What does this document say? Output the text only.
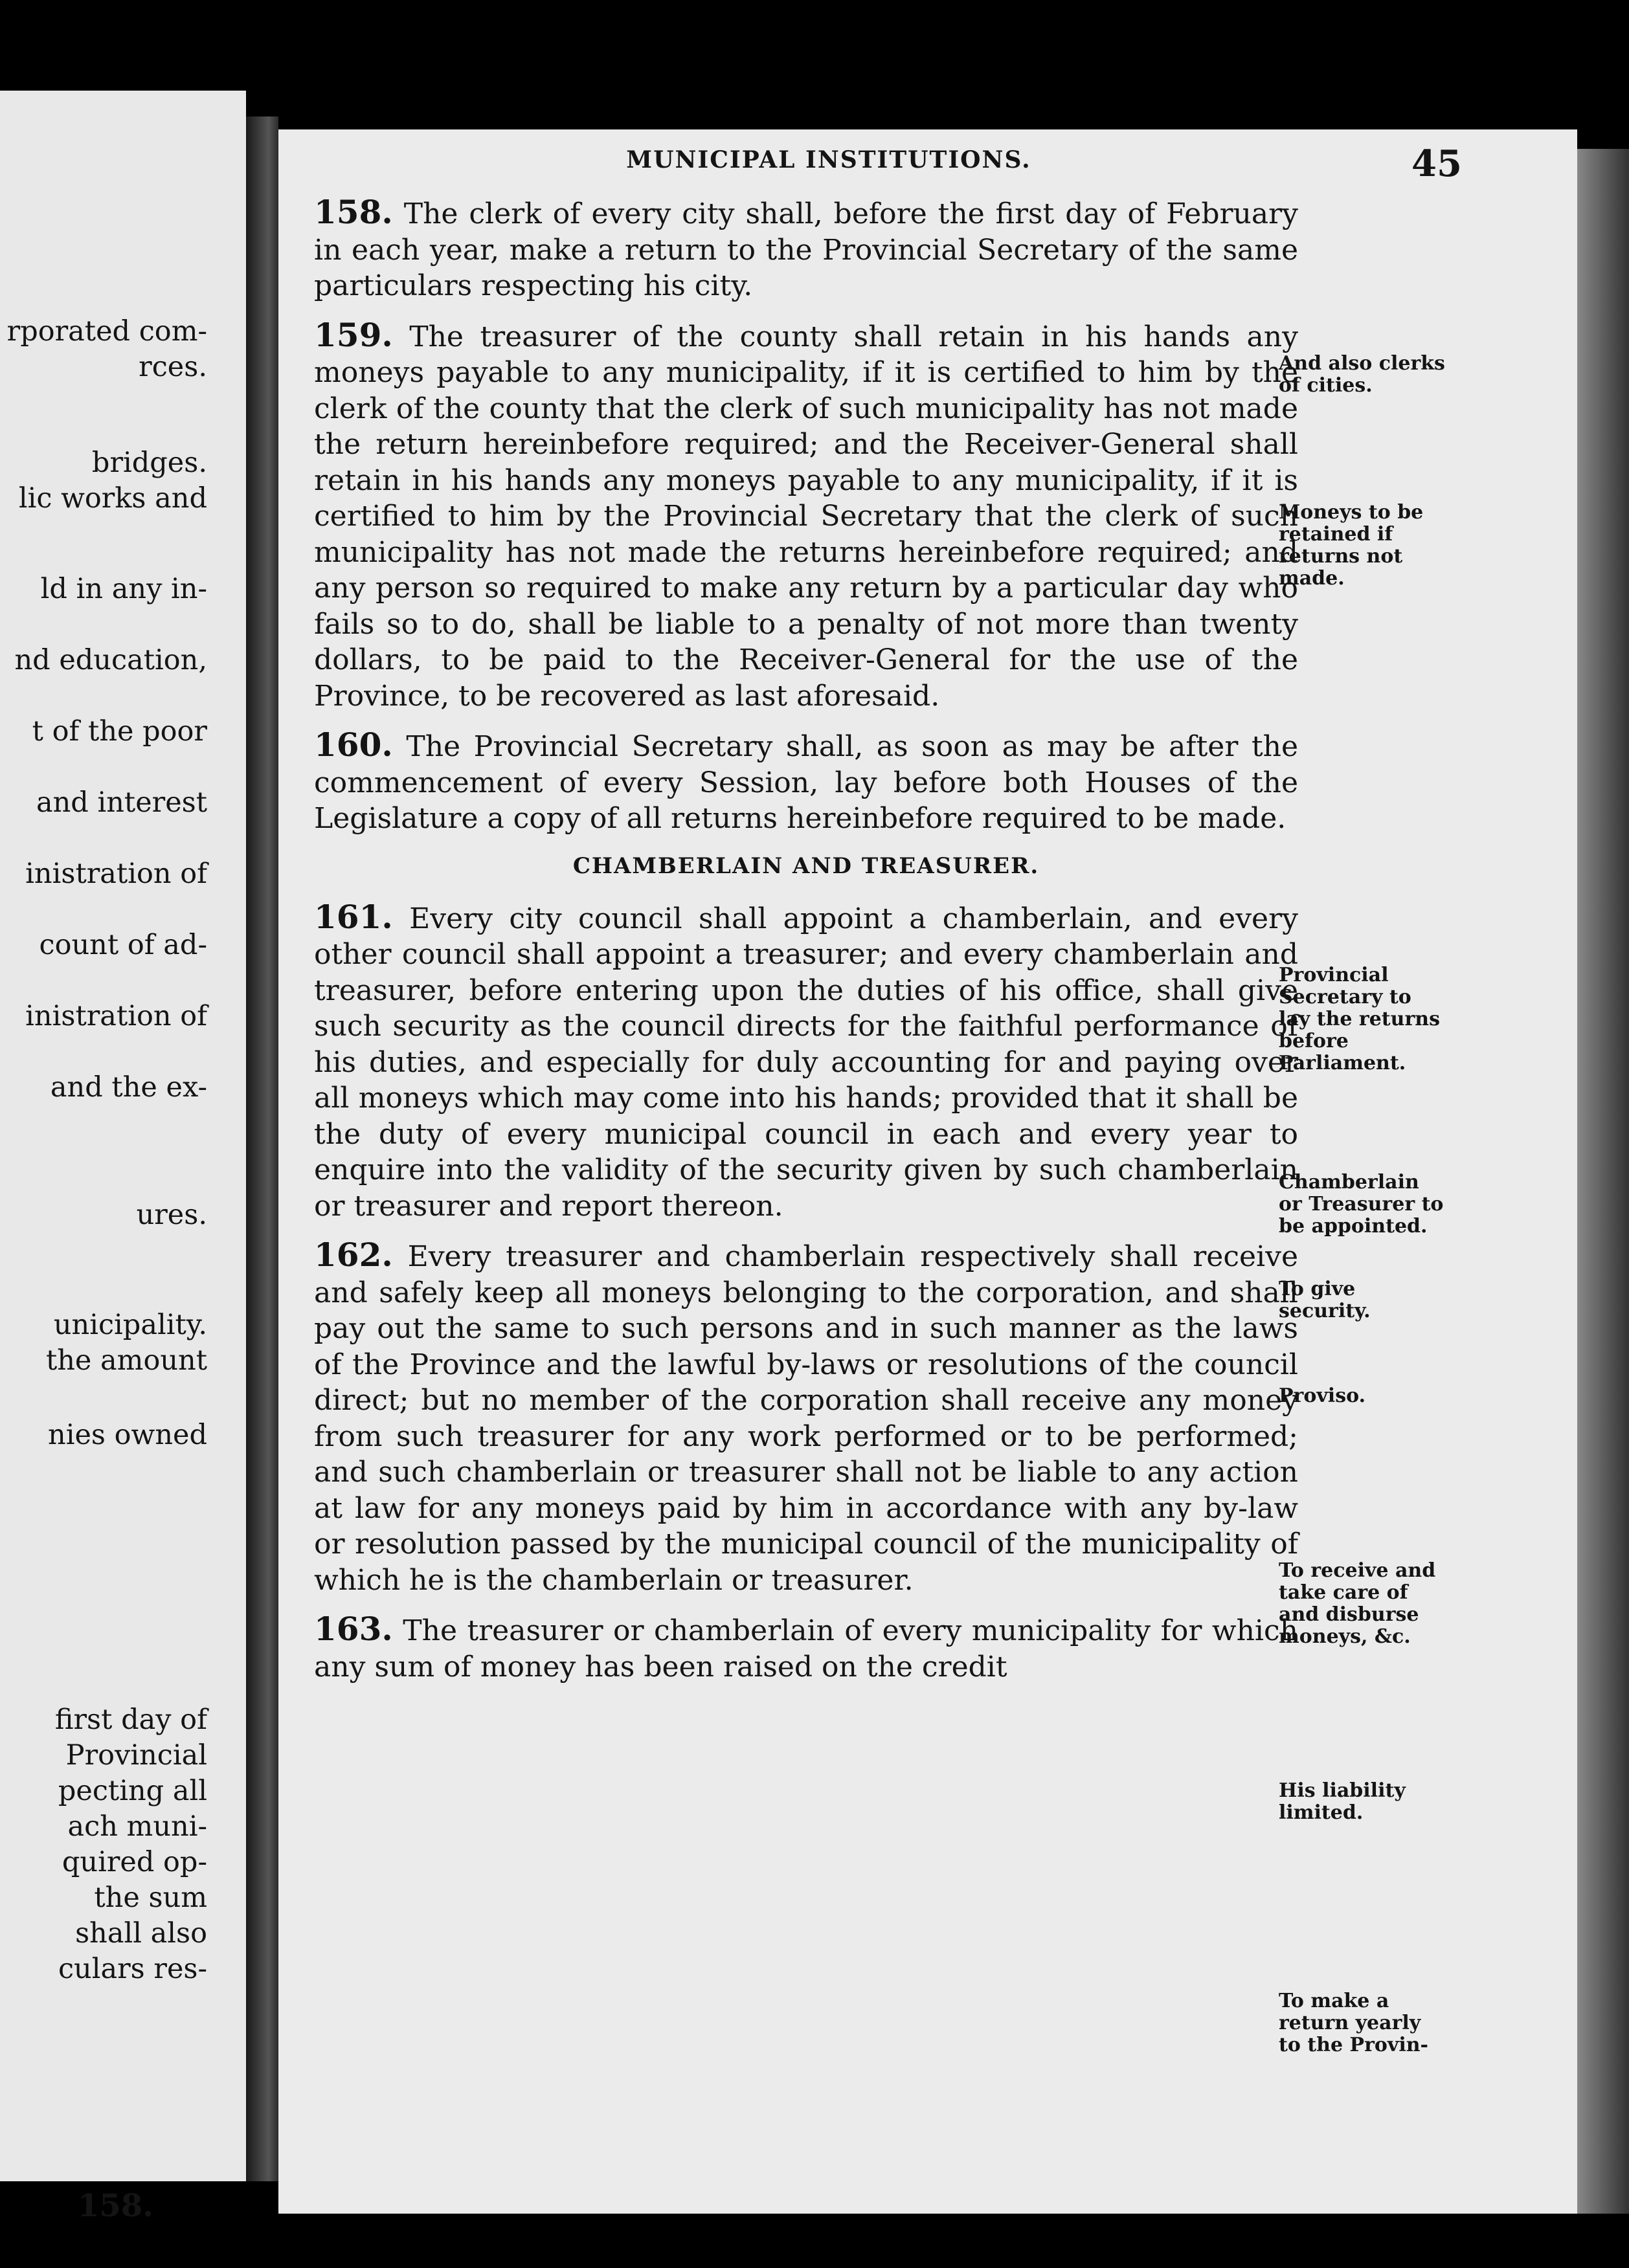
rporated com-
rces.
bridges.
lic works and
ld in any in-
nd education,
t of the poor
and interest
inistration of
count of ad-
inistration of
and the ex-
ures.
unicipality.
the amount
nies owned
first day of
Provincial
pecting all
ach muni-
quired op-
the sum
shall also
culars res-
158.
MUNICIPAL INSTITUTIONS.	45

158. The clerk of every city shall, before the first day of February in each year, make a return to the Provincial Secretary of the same particulars respecting his city.

159. The treasurer of the county shall retain in his hands any moneys payable to any municipality, if it is certified to him by the clerk of the county that the clerk of such municipality has not made the return hereinbefore required; and the Receiver-General shall retain in his hands any moneys payable to any municipality, if it is certified to him by the Provincial Secretary that the clerk of such municipality has not made the returns hereinbefore required; and any person so required to make any return by a particular day who fails so to do, shall be liable to a penalty of not more than twenty dollars, to be paid to the Receiver-General for the use of the Province, to be recovered as last aforesaid.

160. The Provincial Secretary shall, as soon as may be after the commencement of every Session, lay before both Houses of the Legislature a copy of all returns hereinbefore required to be made.

CHAMBERLAIN AND TREASURER.

161. Every city council shall appoint a chamberlain, and every other council shall appoint a treasurer; and every chamberlain and treasurer, before entering upon the duties of his office, shall give such security as the council directs for the faithful performance of his duties, and especially for duly accounting for and paying over all moneys which may come into his hands; provided that it shall be the duty of every municipal council in each and every year to enquire into the validity of the security given by such chamberlain or treasurer and report thereon.

162. Every treasurer and chamberlain respectively shall receive and safely keep all moneys belonging to the corporation, and shall pay out the same to such persons and in such manner as the laws of the Province and the lawful by-laws or resolutions of the council direct; but no member of the corporation shall receive any money from such treasurer for any work performed or to be performed; and such chamberlain or treasurer shall not be liable to any action at law for any moneys paid by him in accordance with any by-law or resolution passed by the municipal council of the municipality of which he is the chamberlain or treasurer.

163. The treasurer or chamberlain of every municipality for which any sum of money has been raised on the credit

And also clerks of cities.
Moneys to be retained if returns not made.
Provincial Secretary to lay the returns before Parliament.
Chamberlain or Treasurer to be appointed.
To give security.
Proviso.
To receive and take care of and disburse moneys, &c.
His liability limited.
To make a return yearly to the Provin-
